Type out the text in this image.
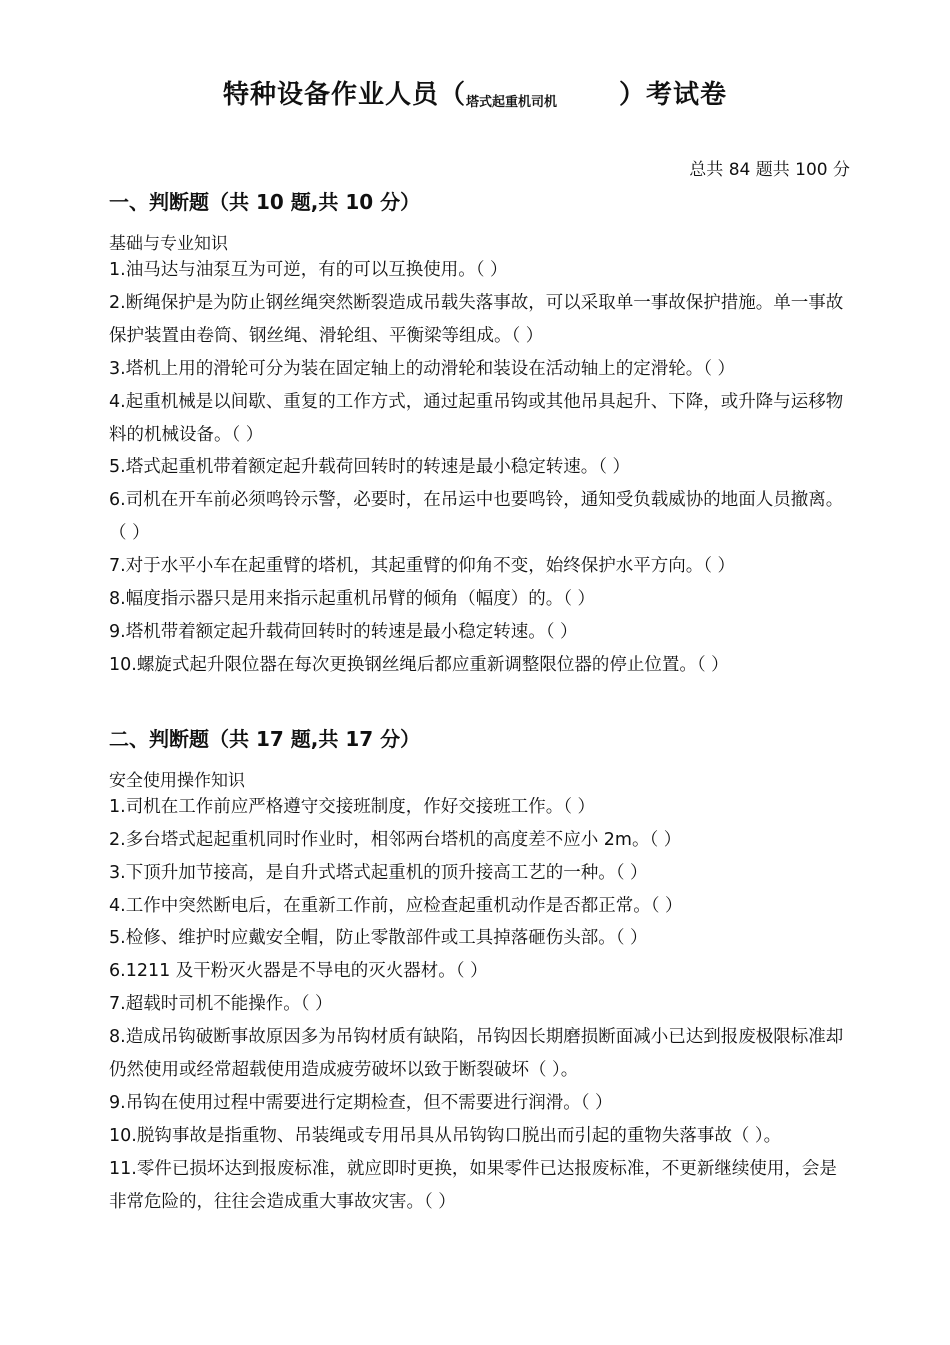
特种设备作业人员（塔式起重机司机 ）考试卷
总共 84 题共 100 分
一、判断题（共 10 题,共 10 分）
基础与专业知识
1.油马达与油泵互为可逆，有的可以互换使用。（ ）
2.断绳保护是为防止钢丝绳突然断裂造成吊载失落事故，可以采取单一事故保护措施。单一事故保护装置由卷筒、钢丝绳、滑轮组、平衡梁等组成。（ ）
3.塔机上用的滑轮可分为装在固定轴上的动滑轮和装设在活动轴上的定滑轮。（ ）
4.起重机械是以间歇、重复的工作方式，通过起重吊钩或其他吊具起升、下降，或升降与运移物料的机械设备。（ ）
5.塔式起重机带着额定起升载荷回转时的转速是最小稳定转速。（ ）
6.司机在开车前必须鸣铃示警，必要时，在吊运中也要鸣铃，通知受负载威协的地面人员撤离。（ ）
7.对于水平小车在起重臂的塔机，其起重臂的仰角不变，始终保护水平方向。（ ）
8.幅度指示器只是用来指示起重机吊臂的倾角（幅度）的。（ ）
9.塔机带着额定起升载荷回转时的转速是最小稳定转速。（ ）
10.螺旋式起升限位器在每次更换钢丝绳后都应重新调整限位器的停止位置。（ ）
二、判断题（共 17 题,共 17 分）
安全使用操作知识
1.司机在工作前应严格遵守交接班制度，作好交接班工作。（ ）
2.多台塔式起起重机同时作业时，相邻两台塔机的高度差不应小 2m。（ ）
3.下顶升加节接高，是自升式塔式起重机的顶升接高工艺的一种。（ ）
4.工作中突然断电后，在重新工作前，应检查起重机动作是否都正常。（ ）
5.检修、维护时应戴安全帽，防止零散部件或工具掉落砸伤头部。（ ）
6.1211 及干粉灭火器是不导电的灭火器材。（ ）
7.超载时司机不能操作。（ ）
8.造成吊钩破断事故原因多为吊钩材质有缺陷，吊钩因长期磨损断面减小已达到报废极限标准却仍然使用或经常超载使用造成疲劳破坏以致于断裂破坏（ ）。
9.吊钩在使用过程中需要进行定期检查，但不需要进行润滑。（ ）
10.脱钩事故是指重物、吊装绳或专用吊具从吊钩钩口脱出而引起的重物失落事故（ ）。
11.零件已损坏达到报废标准，就应即时更换，如果零件已达报废标准，不更新继续使用，会是非常危险的，往往会造成重大事故灾害。（ ）
